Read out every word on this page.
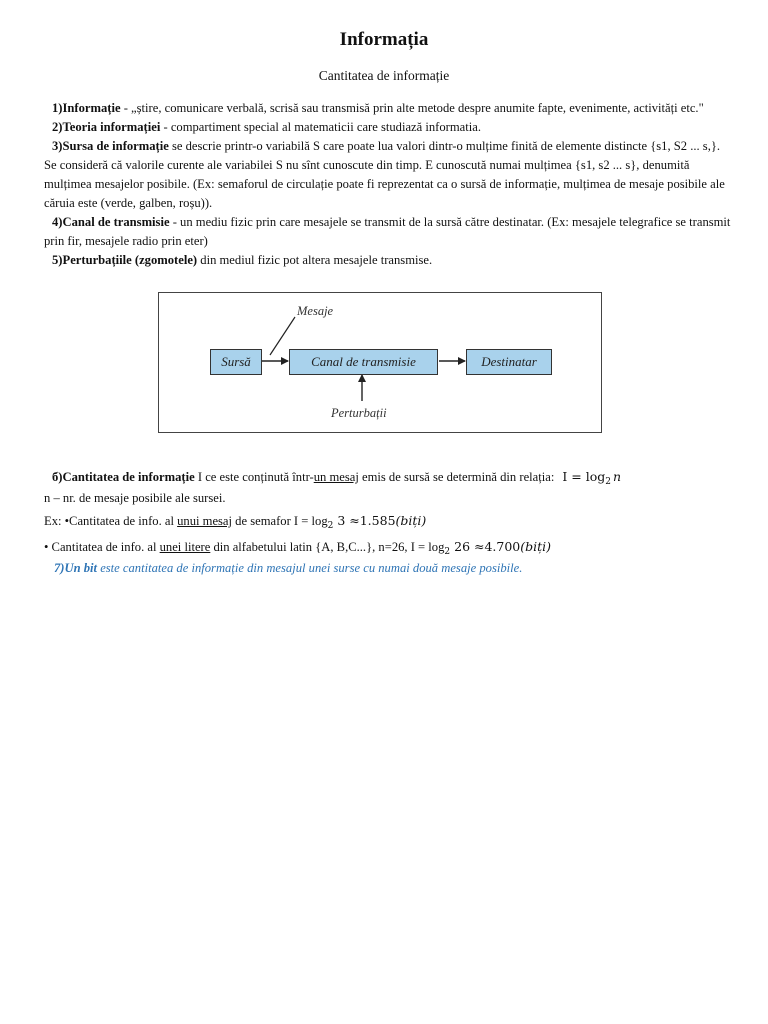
Informația
Cantitatea de informație

1)Informație - „știre, comunicare verbală, scrisă sau transmisă prin alte metode despre anumite fapte, evenimente, activități etc."

2)Teoria informației - compartiment special al matematicii care studiază informatia.

3)Sursa de informație se descrie printr-o variabilă S care poate lua valori dintr-o mulțime finită de elemente distincte {s1, S2 ... s,}. Se consideră că valorile curente ale variabilei S nu sînt cunoscute din timp. E cunoscută numai mulțimea {s1, s2 ... s}, denumită mulțimea mesajelor posibile. (Ex: semaforul de circulație poate fi reprezentat ca o sursă de informație, mulțimea de mesaje posibile ale căruia este (verde, galben, roșu)).

4)Canal de transmisie - un mediu fizic prin care mesajele se transmit de la sursă către destinatar. (Ex: mesajele telegrafice se transmit prin fir, mesajele radio prin eter)

5)Perturbațiile (zgomotele) din mediul fizic pot altera mesajele transmise.

Sursă	Canal de transmisie	Destinatar
Mesaje
Perturbații
б)Cantitatea de informație I ce este conținută într-un mesaj emis de sursă se determină din relația: $I = \log_2 n$
n – nr. de mesaje posibile ale sursei.
Ex: •Cantitatea de info. al unui mesaj de semafor $I = \log_2 3$ ≈1.585(biți)
• Cantitatea de info. al unei litere din alfabetului latin {A, B,C...}, n=26, $I = \log_2 26$ ≈4.700(biți)
7)Un bit este cantitatea de informație din mesajul unei surse cu numai două mesaje posibile.
